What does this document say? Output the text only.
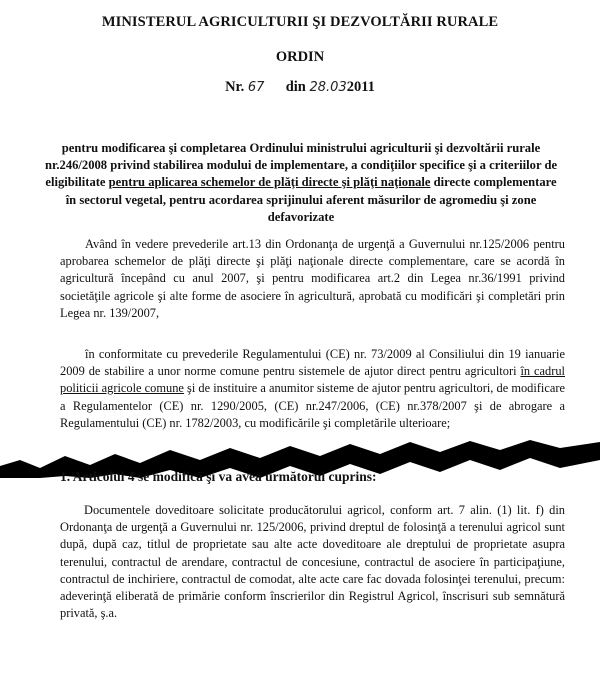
MINISTERUL AGRICULTURII ŞI DEZVOLTĂRII RURALE
ORDIN
Nr. 67 din 28.032011
pentru modificarea şi completarea Ordinului ministrului agriculturii şi dezvoltării rurale nr.246/2008 privind stabilirea modului de implementare, a condiţiilor specifice şi a criteriilor de eligibilitate pentru aplicarea schemelor de plăţi directe şi plăţi naţionale directe complementare în sectorul vegetal, pentru acordarea sprijinului aferent măsurilor de agromediu şi zone defavorizate
Având în vedere prevederile art.13 din Ordonanţa de urgenţă a Guvernului nr.125/2006 pentru aprobarea schemelor de plăţi directe şi plăţi naţionale directe complementare, care se acordă în agricultură începând cu anul 2007, şi pentru modificarea art.2 din Legea nr.36/1991 privind societăţile agricole şi alte forme de asociere în agricultură, aprobată cu modificări şi completări prin Legea nr. 139/2007,
în conformitate cu prevederile Regulamentului (CE) nr. 73/2009 al Consiliului din 19 ianuarie 2009 de stabilire a unor norme comune pentru sistemele de ajutor direct pentru agricultori în cadrul politicii agricole comune şi de instituire a anumitor sisteme de ajutor pentru agricultori, de modificare a Regulamentelor (CE) nr. 1290/2005, (CE) nr.247/2006, (CE) nr.378/2007 şi de abrogare a Regulamentului (CE) nr. 1782/2003, cu modificările şi completările ulterioare;
1. Articolul 4 se modifică şi va avea următorul cuprins:
Documentele doveditoare solicitate producătorului agricol, conform art. 7 alin. (1) lit. f) din Ordonanţa de urgenţă a Guvernului nr. 125/2006, privind dreptul de folosinţă a terenului agricol sunt după, după caz, titlul de proprietate sau alte acte doveditoare ale dreptului de proprietate asupra terenului, contractul de arendare, contractul de concesiune, contractul de asociere în participaţiune, contractul de inchiriere, contractul de comodat, alte acte care fac dovada folosinţei terenului, precum: adeverinţă eliberată de primărie conform înscrierilor din Registrul Agricol, înscrisuri sub semnătură privată, ş.a.
